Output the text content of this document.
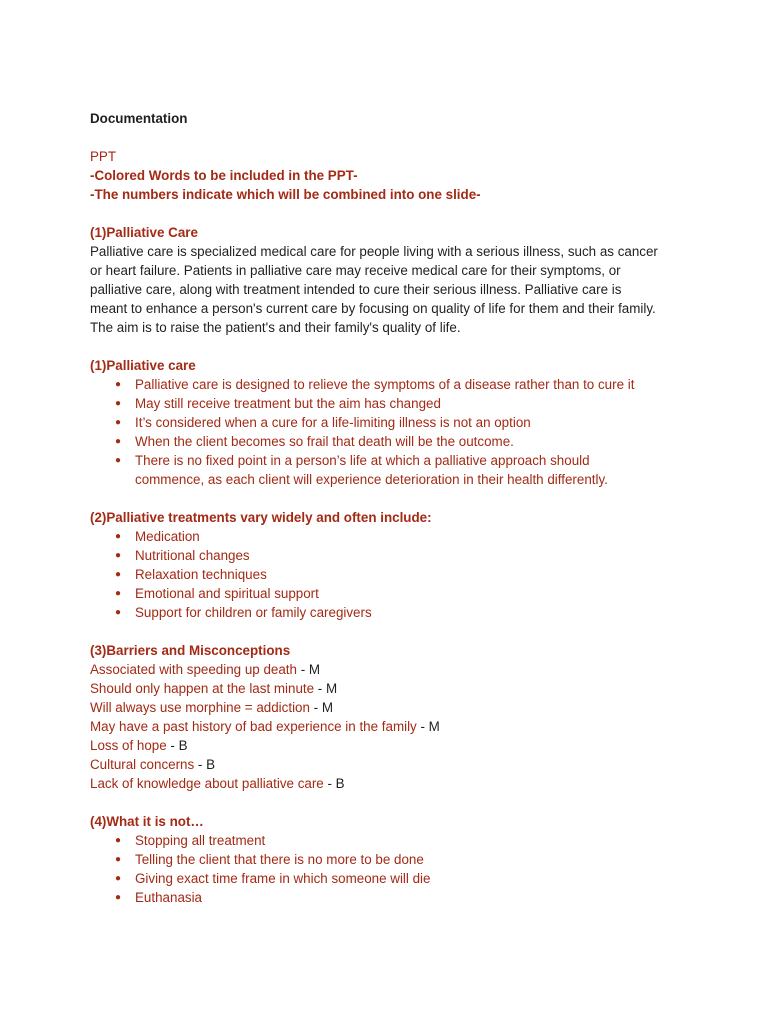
Documentation

PPT

-Colored Words to be included in the PPT-

-The numbers indicate which will be combined into one slide-

(1)Palliative Care

Palliative care is specialized medical care for people living with a serious illness, such as cancer
or heart failure. Patients in palliative care may receive medical care for their symptoms, or
palliative care, along with treatment intended to cure their serious illness. Palliative care is
meant to enhance a person's current care by focusing on quality of life for them and their family.
The aim is to raise the patient's and their family's quality of life.

(1)Palliative care

● Palliative care is designed to relieve the symptoms of a disease rather than to cure it
● May still receive treatment but the aim has changed
● It’s considered when a cure for a life-limiting illness is not an option
● When the client becomes so frail that death will be the outcome.
● There is no fixed point in a person’s life at which a palliative approach should
commence, as each client will experience deterioration in their health differently.

(2)Palliative treatments vary widely and often include:

● Medication
● Nutritional changes
● Relaxation techniques
● Emotional and spiritual support
● Support for children or family caregivers

(3)Barriers and Misconceptions

Associated with speeding up death - M
Should only happen at the last minute - M
Will always use morphine = addiction - M
May have a past history of bad experience in the family - M
Loss of hope - B
Cultural concerns - B
Lack of knowledge about palliative care - B

(4)What it is not…

● Stopping all treatment
● Telling the client that there is no more to be done
● Giving exact time frame in which someone will die
● Euthanasia
